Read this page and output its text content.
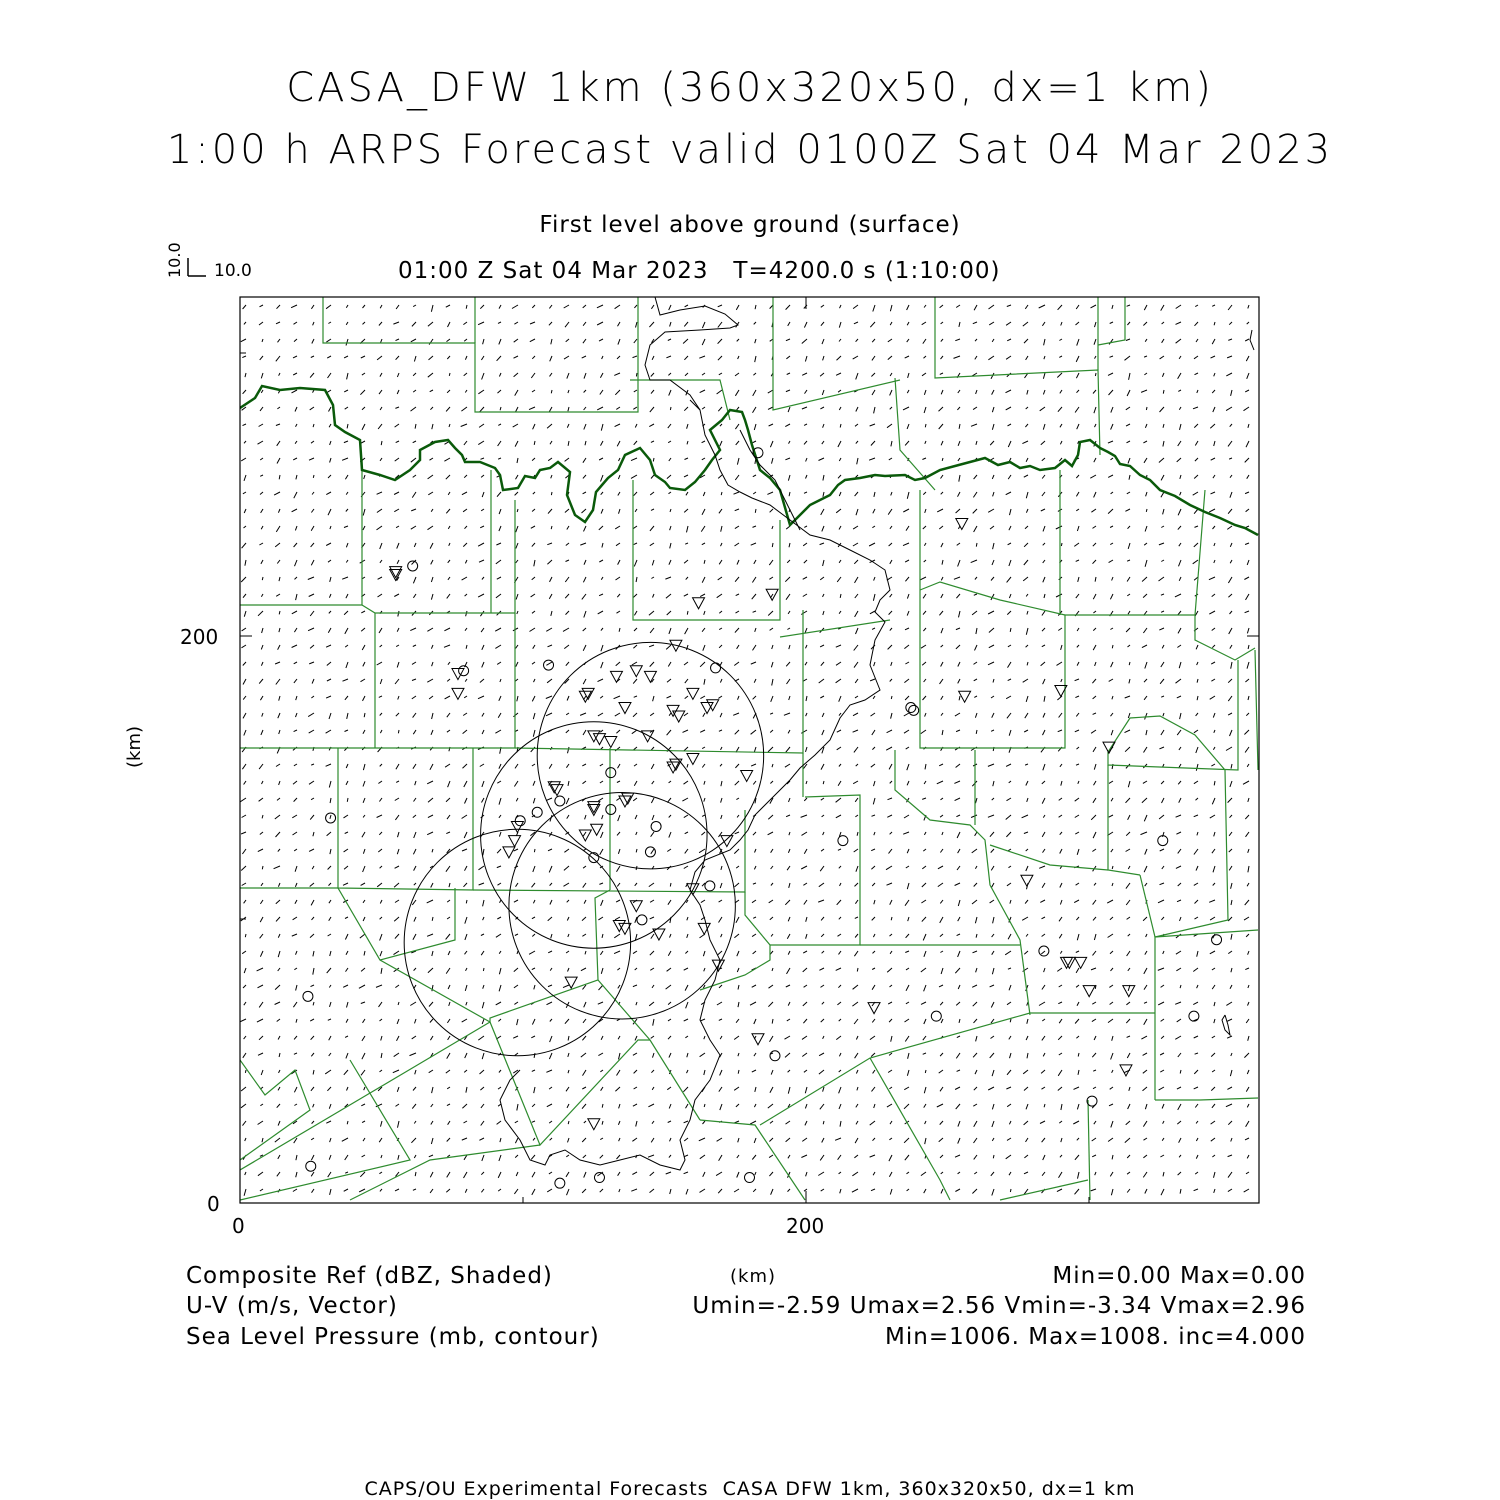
CASA_DFW 1km (360x320x50, dx=1 km)
1:00 h ARPS Forecast valid 0100Z Sat 04 Mar 2023
First level above ground (surface)
01:00 Z Sat 04 Mar 2023   T=4200.0 s (1:10:00)
10.0 10.0
0	200
0
200
(km)
(km)
Composite Ref (dBZ, Shaded)	Min=0.00 Max=0.00
U-V (m/s, Vector)	Umin=-2.59 Umax=2.56 Vmin=-3.34 Vmax=2.96
Sea Level Pressure (mb, contour)	Min=1006. Max=1008. inc=4.000
CAPS/OU Experimental Forecasts  CASA DFW 1km, 360x320x50, dx=1 km
